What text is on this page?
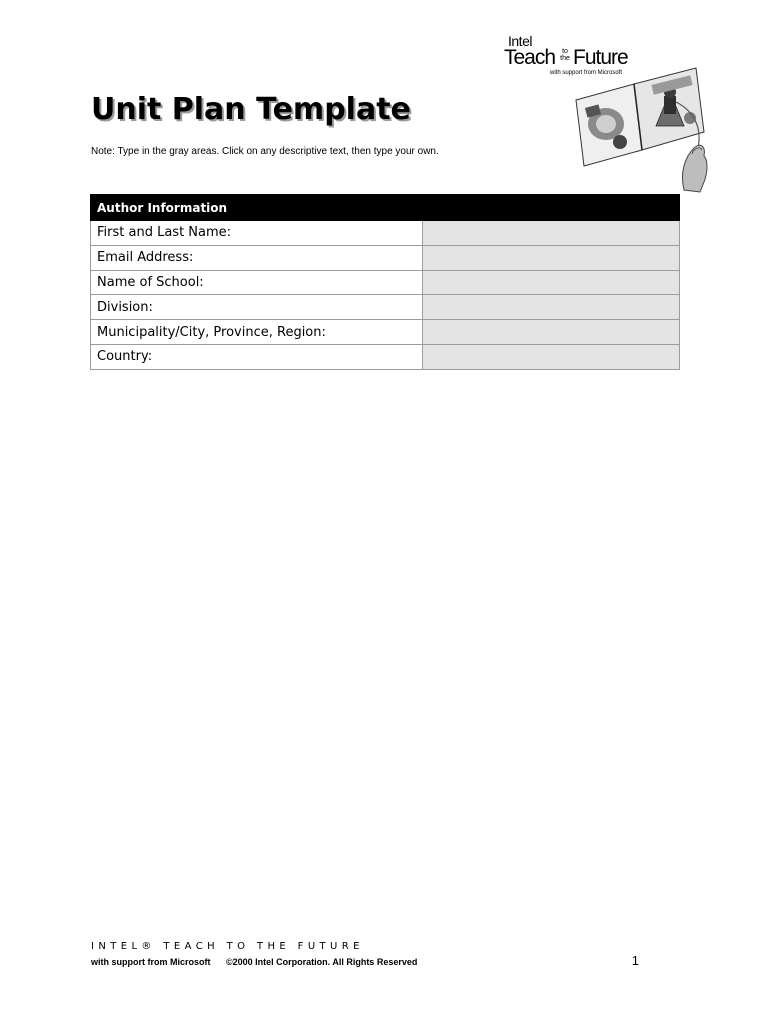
Intel
Teach	to the Future
with support from Microsoft
Unit Plan Template
Note: Type in the gray areas. Click on any descriptive text, then type your own.
Author Information	
First and Last Name:	
Email Address:	
Name of School:	
Division:	
Municipality/City, Province, Region:	
Country:	
INTEL® TEACH TO THE FUTURE
with support from Microsoft ©2000 Intel Corporation. All Rights Reserved	1
